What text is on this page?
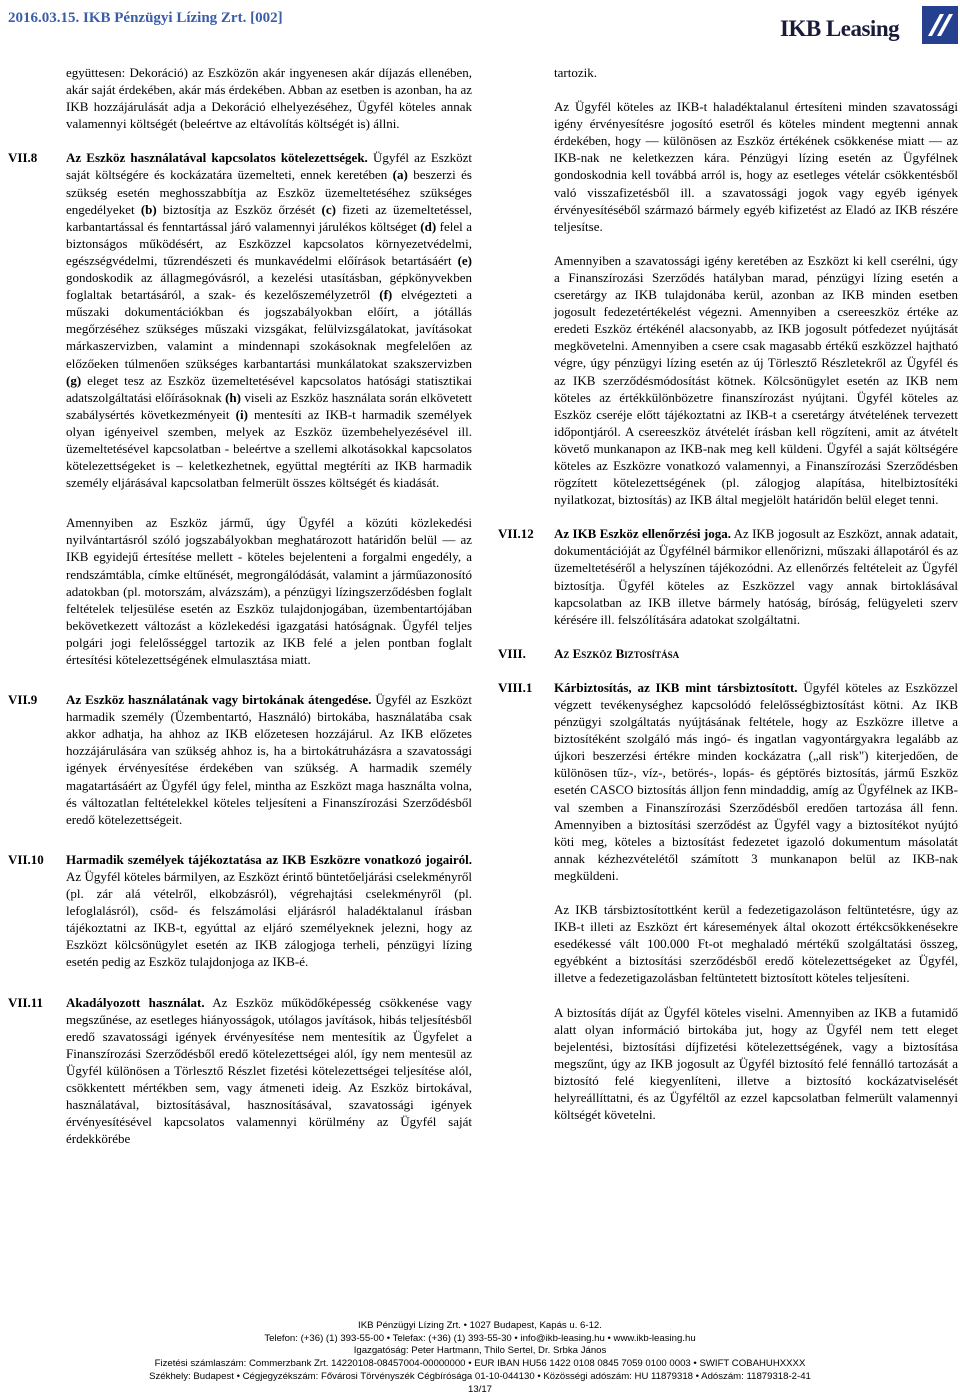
2016.03.15. IKB Pénzügyi Lízing Zrt. [002]	IKB Leasing

együttesen: Dekoráció) az Eszközön akár ingyenesen akár díjazás ellenében, akár saját érdekében, akár más érdekében. Abban az esetben is azonban, ha az IKB hozzájárulását adja a Dekoráció elhelyezéséhez, Ügyfél köteles annak valamennyi költségét (beleértve az eltávolítás költségét is) állni.

VII.8	Az Eszköz használatával kapcsolatos kötelezettségek. Ügyfél az Eszközt saját költségére és kockázatára üzemelteti, ennek keretében (a) beszerzi és szükség esetén meghosszabbítja az Eszköz üzemeltetéséhez szükséges engedélyeket (b) biztosítja az Eszköz őrzését (c) fizeti az üzemeltetéssel, karbantartással és fenntartással járó valamennyi járulékos költséget (d) felel a biztonságos működésért, az Eszközzel kapcsolatos környezetvédelmi, egészségvédelmi, tűzrendészeti és munkavédelmi előírások betartásáért (e) gondoskodik az állagmegóvásról, a kezelési utasításban, gépkönyvekben foglaltak betartásáról, a szak- és kezelőszemélyzetről (f) elvégezteti a műszaki dokumentációkban és jogszabályokban előírt, a jótállás megőrzéséhez szükséges műszaki vizsgákat, felülvizsgálatokat, javításokat márkaszervizben, valamint a mindennapi szokásoknak megfelelően az előzőeken túlmenően szükséges karbantartási munkálatokat szakszervizben (g) eleget tesz az Eszköz üzemeltetésével kapcsolatos hatósági statisztikai adatszolgáltatási előírásoknak (h) viseli az Eszköz használata során elkövetett szabálysértés következményeit (i) mentesíti az IKB-t harmadik személyek olyan igényeivel szemben, melyek az Eszköz üzembehelyezésével ill. üzemeltetésével kapcsolatban - beleértve a szellemi alkotásokkal kapcsolatos kötelezettségeket is – keletkezhetnek, együttal megtéríti az IKB harmadik személy eljárásával kapcsolatban felmerült összes költségét és kiadását.

Amennyiben az Eszköz jármű, úgy Ügyfél a közúti közlekedési nyilvántartásról szóló jogszabályokban meghatározott határidőn belül — az IKB egyidejű értesítése mellett - köteles bejelenteni a forgalmi engedély, a rendszámtábla, címke eltűnését, megrongálódását, valamint a járműazonosító adatokban (pl. motorszám, alvázszám), a pénzügyi lízingszerződésben foglalt feltételek teljesülése esetén az Eszköz tulajdonjogában, üzembentartójában bekövetkezett változást a közlekedési igazgatási hatóságnak. Ügyfél teljes polgári jogi felelősséggel tartozik az IKB felé a jelen pontban foglalt értesítési kötelezettségének elmulasztása miatt.

VII.9	Az Eszköz használatának vagy birtokának átengedése. Ügyfél az Eszközt harmadik személy (Üzembentartó, Használó) birtokába, használatába csak akkor adhatja, ha ahhoz az IKB előzetesen hozzájárul. Az IKB előzetes hozzájárulására van szükség ahhoz is, ha a birtokátruházásra a szavatossági igények érvényesítése érdekében van szükség. A harmadik személy magatartásáért az Ügyfél úgy felel, mintha az Eszközt maga használta volna, és változatlan feltételekkel köteles teljesíteni a Finanszírozási Szerződésből eredő kötelezettségeit.

VII.10	Harmadik személyek tájékoztatása az IKB Eszközre vonatkozó jogairól. Az Ügyfél köteles bármilyen, az Eszközt érintő büntetőeljárási cselekményről (pl. zár alá vételről, elkobzásról), végrehajtási cselekményről (pl. lefoglalásról), csőd- és felszámolási eljárásról haladéktalanul írásban tájékoztatni az IKB-t, egyúttal az eljáró személyeknek jelezni, hogy az Eszközt kölcsönügylet esetén az IKB zálogjoga terheli, pénzügyi lízing esetén pedig az Eszköz tulajdonjoga az IKB-é.

VII.11	Akadályozott használat. Az Eszköz működőképesség csökkenése vagy megszűnése, az esetleges hiányosságok, utólagos javítások, hibás teljesítésből eredő szavatossági igények érvényesítése nem mentesítik az Ügyfelet a Finanszírozási Szerződésből eredő kötelezettségei alól, így nem mentesül az Ügyfél különösen a Törlesztő Részlet fizetési kötelezettségei teljesítése alól, csökkentett mértékben sem, vagy átmeneti ideig. Az Eszköz birtokával, használatával, biztosításával, hasznosításával, szavatossági igények érvényesítésével kapcsolatos valamennyi körülmény az Ügyfél saját érdekkörébe

tartozik.

Az Ügyfél köteles az IKB-t haladéktalanul értesíteni minden szavatossági igény érvényesítésre jogosító esetről és köteles mindent megtenni annak érdekében, hogy — különösen az Eszköz értékének csökkenése miatt — az IKB-nak ne keletkezzen kára. Pénzügyi lízing esetén az Ügyfélnek gondoskodnia kell továbbá arról is, hogy az esetleges vételár csökkentésből való visszafizetésből ill. a szavatossági jogok vagy egyéb igények érvényesítéséből származó bármely egyéb kifizetést az Eladó az IKB részére teljesítse.

Amennyiben a szavatossági igény keretében az Eszközt ki kell cserélni, úgy a Finanszírozási Szerződés hatályban marad, pénzügyi lízing esetén a cseretárgy az IKB tulajdonába kerül, azonban az IKB minden esetben jogosult fedezetértékelést végezni. Amennyiben a csereeszköz értéke az eredeti Eszköz értékénél alacsonyabb, az IKB jogosult pótfedezet nyújtását megkövetelni. Amennyiben a csere csak magasabb értékű eszközzel hajtható végre, úgy pénzügyi lízing esetén az új Törlesztő Részletekről az Ügyfél és az IKB szerződésmódosítást kötnek. Kölcsönügylet esetén az IKB nem köteles az értékkülönbözetre finanszírozást nyújtani. Ügyfél köteles az Eszköz cseréje előtt tájékoztatni az IKB-t a cseretárgy átvételének tervezett időpontjáról. A csereeszköz átvételét írásban kell rögzíteni, amit az átvételt követő munkanapon az IKB-nak meg kell küldeni. Ügyfél a saját költségére köteles az Eszközre vonatkozó valamennyi, a Finanszírozási Szerződésben rögzített kötelezettségének (pl. zálogjog alapítása, hitelbiztosítéki nyilatkozat, biztosítás) az IKB által megjelölt határidőn belül eleget tenni.

VII.12	Az IKB Eszköz ellenőrzési joga. Az IKB jogosult az Eszközt, annak adatait, dokumentációját az Ügyfélnél bármikor ellenőrizni, műszaki állapotáról és az üzemeltetéséről a helyszínen tájékozódni. Az ellenőrzés feltételeit az Ügyfél biztosítja. Ügyfél köteles az Eszközzel vagy annak birtoklásával kapcsolatban az IKB illetve bármely hatóság, bíróság, felügyeleti szerv kérésére ill. felszólítására adatokat szolgáltatni.

VIII.	Az Eszköz Biztosítása

VIII.1	Kárbiztosítás, az IKB mint társbiztosított. Ügyfél köteles az Eszközzel végzett tevékenységhez kapcsolódó felelősségbiztosítást kötni. Az IKB pénzügyi szolgáltatás nyújtásának feltétele, hogy az Eszközre illetve a biztosítéként szolgáló más ingó- és ingatlan vagyontárgyakra legalább az újkori beszerzési értékre minden kockázatra („all risk") kiterjedően, de különösen tűz-, víz-, betörés-, lopás- és géptörés biztosítás, jármű Eszköz esetén CASCO biztosítás álljon fenn mindaddig, amíg az Ügyfélnek az IKB-val szemben a Finanszírozási Szerződésből eredően tartozása áll fenn. Amennyiben a biztosítási szerződést az Ügyfél vagy a biztosítékot nyújtó köti meg, köteles a biztosítást fedezetet igazoló dokumentum másolatát annak kézhezvételétől számított 3 munkanapon belül az IKB-nak megküldeni.

Az IKB társbiztosítottként kerül a fedezetigazoláson feltüntetésre, úgy az IKB-t illeti az Eszközt ért káresemények által okozott értékcsökkenésekre esedékessé vált 100.000 Ft-ot meghaladó mértékű szolgáltatási összeg, egyébként a biztosítási szerződésből eredő kötelezettségeket az Ügyfél, illetve a fedezetigazolásban feltüntetett biztosított köteles teljesíteni.

A biztosítás díját az Ügyfél köteles viselni. Amennyiben az IKB a futamidő alatt olyan információ birtokába jut, hogy az Ügyfél nem tett eleget bejelentési, biztosítási díjfizetési kötelezettségének, vagy a biztosítása megszűnt, úgy az IKB jogosult az Ügyfél biztosító felé fennálló tartozását a biztosító felé kiegyenlíteni, illetve a biztosító kockázatviselését helyreállíttatni, és az Ügyféltől az ezzel kapcsolatban felmerült valamennyi költségét követelni.

IKB Pénzügyi Lízing Zrt. • 1027 Budapest, Kapás u. 6-12.
Telefon: (+36) (1) 393-55-00 • Telefax: (+36) (1) 393-55-30 • info@ikb-leasing.hu • www.ikb-leasing.hu
Igazgatóság: Peter Hartmann, Thilo Sertel, Dr. Srbka János
Fizetési számlaszám: Commerzbank Zrt. 14220108-08457004-00000000 • EUR IBAN HU56 1422 0108 0845 7059 0100 0003 • SWIFT COBAHUHXXXX
Székhely: Budapest • Cégjegyzékszám: Fővárosi Törvényszék Cégbírósága 01-10-044130 • Közösségi adószám: HU 11879318 • Adószám: 11879318-2-41
13/17
